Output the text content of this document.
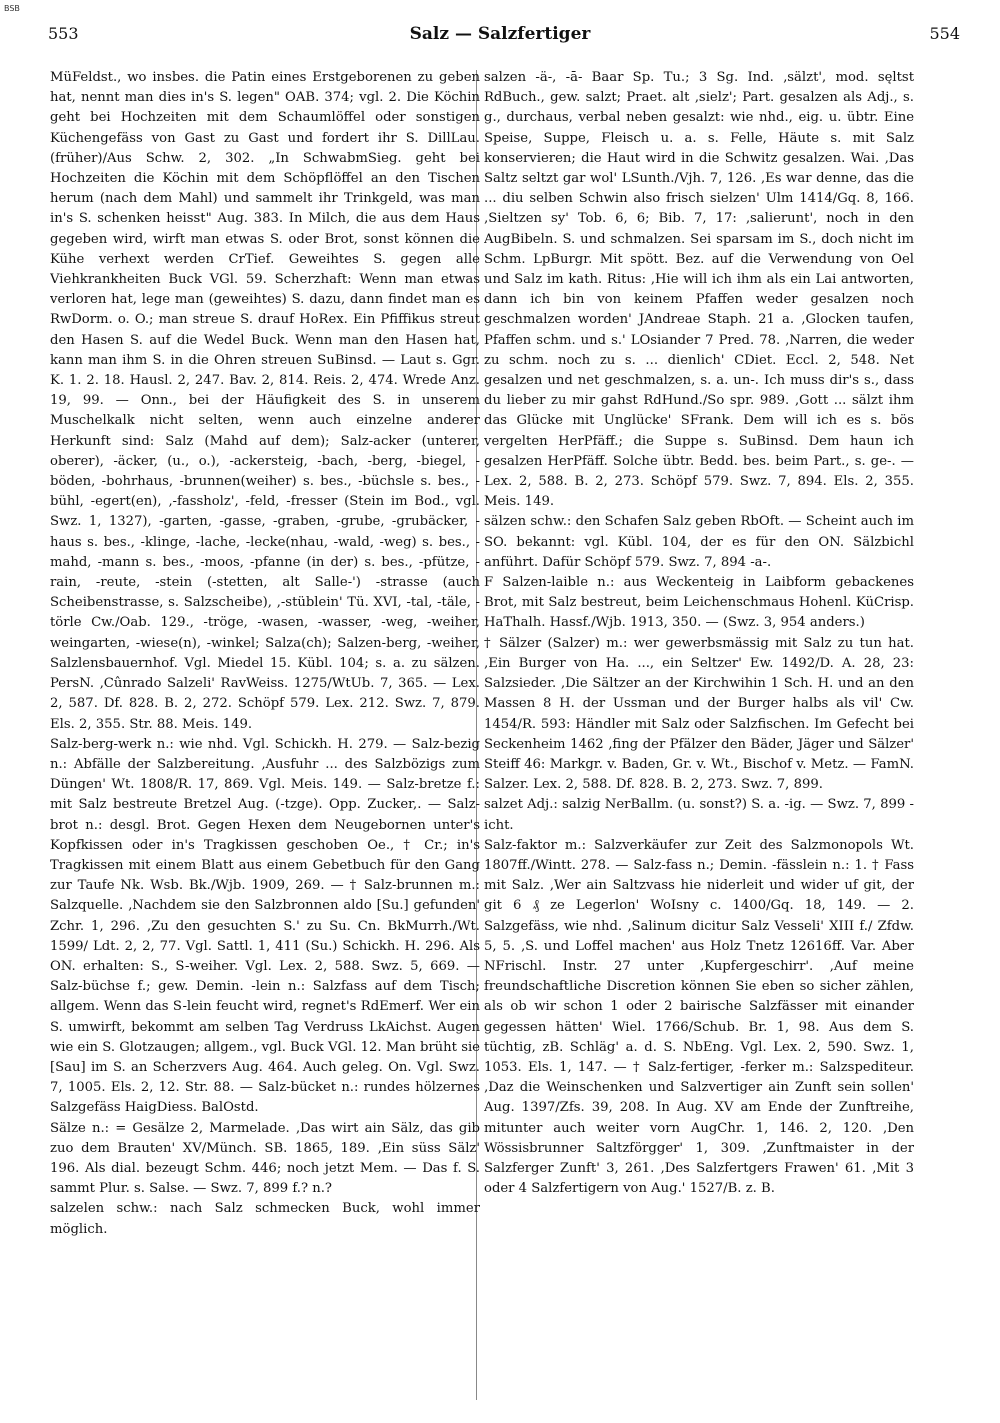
BSB
553	Salz — Salzfertiger	554

MüFeldst., wo insbes. die Patin eines Erstgeborenen zu geben hat, nennt man dies in's S. legen" OAB. 374; vgl. 2. Die Köchin geht bei Hochzeiten mit dem Schaumlöffel oder sonstigen Küchengefäss von Gast zu Gast und fordert ihr S. DillLau. (früher)/Aus Schw. 2, 302. „In SchwabmSieg. geht bei Hochzeiten die Köchin mit dem Schöpflöffel an den Tischen herum (nach dem Mahl) und sammelt ihr Trinkgeld, was man in's S. schenken heisst" Aug. 383. In Milch, die aus dem Haus gegeben wird, wirft man etwas S. oder Brot, sonst können die Kühe verhext werden CrTief. Geweihtes S. gegen alle Viehkrankheiten Buck VGl. 59. Scherzhaft: Wenn man etwas verloren hat, lege man (geweihtes) S. dazu, dann findet man es RwDorm. o. O.; man streue S. drauf HoRex. Ein Pfiffikus streut den Hasen S. auf die Wedel Buck. Wenn man den Hasen hat, kann man ihm S. in die Ohren streuen SuBinsd. — Laut s. Ggr. K. 1. 2. 18. Hausl. 2, 247. Bav. 2, 814. Reis. 2, 474. Wrede Anz. 19, 99. — Onn., bei der Häufigkeit des S. in unserem Muschelkalk nicht selten, wenn auch einzelne anderer Herkunft sind: Salz (Mahd auf dem); Salz-acker (unterer, oberer), -äcker, (u., o.), -ackersteig, -bach, -berg, -biegel, -böden, -bohrhaus, -brunnen(weiher) s. bes., -büchsle s. bes., -bühl, -egert(en), ‚-fassholz', -feld, -fresser (Stein im Bod., vgl. Swz. 1, 1327), -garten, -gasse, -graben, -grube, -grubäcker, -haus s. bes., -klinge, -lache, -lecke(nhau, -wald, -weg) s. bes., -mahd, -mann s. bes., -moos, -pfanne (in der) s. bes., -pfütze, -rain, -reute, -stein (-stetten, alt Salle-') -strasse (auch Scheibenstrasse, s. Salzscheibe), ‚-stüblein' Tü. XVI, -tal, -täle, -törle Cw./Oab. 129., -tröge, -wasen, -wasser, -weg, -weiher, weingarten, -wiese(n), -winkel; Salza(ch); Salzen-berg, -weiher, Salzlensbauernhof. Vgl. Miedel 15. Kübl. 104; s. a. zu sälzen. PersN. ‚Cûnrado Salzeli' RavWeiss. 1275/WtUb. 7, 365. — Lex. 2, 587. Df. 828. B. 2, 272. Schöpf 579. Lex. 212. Swz. 7, 879. Els. 2, 355. Str. 88. Meis. 149.

Salz-berg-werk n.: wie nhd. Vgl. Schickh. H. 279. — Salz-bezig n.: Abfälle der Salzbereitung. ‚Ausfuhr ... des Salzbözigs zum Düngen' Wt. 1808/R. 17, 869. Vgl. Meis. 149. — Salz-bretze f.: mit Salz bestreute Bretzel Aug. (-tzge). Opp. Zucker,. — Salz-brot n.: desgl. Brot. Gegen Hexen dem Neugebornen unter's Kopfkissen oder in's Tragkissen geschoben Oe., † Cr.; in's Tragkissen mit einem Blatt aus einem Gebetbuch für den Gang zur Taufe Nk. Wsb. Bk./Wjb. 1909, 269. — † Salz-brunnen m.: Salzquelle. ‚Nachdem sie den Salzbronnen aldo [Su.] gefunden' Zchr. 1, 296. ‚Zu den gesuchten S.' zu Su. Cn. BkMurrh./Wt. 1599/ Ldt. 2, 2, 77. Vgl. Sattl. 1, 411 (Su.) Schickh. H. 296. Als ON. erhalten: S., S-weiher. Vgl. Lex. 2, 588. Swz. 5, 669. — Salz-büchse f.; gew. Demin. -lein n.: Salzfass auf dem Tisch; allgem. Wenn das S-lein feucht wird, regnet's RdEmerf. Wer ein S. umwirft, bekommt am selben Tag Verdruss LkAichst. Augen wie ein S. Glotzaugen; allgem., vgl. Buck VGl. 12. Man brüht sie [Sau] im S. an Scherzvers Aug. 464. Auch geleg. On. Vgl. Swz. 7, 1005. Els. 2, 12. Str. 88. — Salz-bücket n.: rundes hölzernes Salzgefäss HaigDiess. BalOstd.

Sälze n.: = Gesälze 2, Marmelade. ‚Das wirt ain Sälz, das gib zuo dem Brauten' XV/Münch. SB. 1865, 189. ‚Ein süss Sälz' 196. Als dial. bezeugt Schm. 446; noch jetzt Mem. — Das f. S. sammt Plur. s. Salse. — Swz. 7, 899 f.? n.?

salzelen schw.: nach Salz schmecken Buck, wohl immer möglich.

salzen -ä-, -ā- Baar Sp. Tu.; 3 Sg. Ind. ‚sälzt', mod. sęltst RdBuch., gew. salzt; Praet. alt ‚sielz'; Part. gesalzen als Adj., s. g., durchaus, verbal neben gesalzt: wie nhd., eig. u. übtr. Eine Speise, Suppe, Fleisch u. a. s. Felle, Häute s. mit Salz konservieren; die Haut wird in die Schwitz gesalzen. Wai. ‚Das Saltz seltzt gar wol' LSunth./Vjh. 7, 126. ‚Es war denne, das die ... diu selben Schwin also frisch sielzen' Ulm 1414/Gq. 8, 166. ‚Sieltzen sy' Tob. 6, 6; Bib. 7, 17: ‚salierunt', noch in den AugBibeln. S. und schmalzen. Sei sparsam im S., doch nicht im Schm. LpBurgr. Mit spött. Bez. auf die Verwendung von Oel und Salz im kath. Ritus: ‚Hie will ich ihm als ein Lai antworten, dann ich bin von keinem Pfaffen weder gesalzen noch geschmalzen worden' JAndreae Staph. 21 a. ‚Glocken taufen, Pfaffen schm. und s.' LOsiander 7 Pred. 78. ‚Narren, die weder zu schm. noch zu s. ... dienlich' CDiet. Eccl. 2, 548. Net gesalzen und net geschmalzen, s. a. un-. Ich muss dir's s., dass du lieber zu mir gahst RdHund./So spr. 989. ‚Gott ... sälzt ihm das Glücke mit Unglücke' SFrank. Dem will ich es s. bös vergelten HerPfäff.; die Suppe s. SuBinsd. Dem haun ich gesalzen HerPfäff. Solche übtr. Bedd. bes. beim Part., s. ge-. — Lex. 2, 588. B. 2, 273. Schöpf 579. Swz. 7, 894. Els. 2, 355. Meis. 149.

sälzen schw.: den Schafen Salz geben RbOft. — Scheint auch im SO. bekannt: vgl. Kübl. 104, der es für den ON. Sälzbichl anführt. Dafür Schöpf 579. Swz. 7, 894 -a-.

F Salzen-laible n.: aus Weckenteig in Laibform gebackenes Brot, mit Salz bestreut, beim Leichenschmaus Hohenl. KüCrisp. HaThalh. Hassf./Wjb. 1913, 350. — (Swz. 3, 954 anders.)

† Sälzer (Salzer) m.: wer gewerbsmässig mit Salz zu tun hat. ‚Ein Burger von Ha. ..., ein Seltzer' Ew. 1492/D. A. 28, 23: Salzsieder. ‚Die Sältzer an der Kirchwihin 1 Sch. H. und an den Massen 8 H. der Ussman und der Burger halbs als vil' Cw. 1454/R. 593: Händler mit Salz oder Salzfischen. Im Gefecht bei Seckenheim 1462 ‚fing der Pfälzer den Bäder, Jäger und Sälzer' Steiff 46: Markgr. v. Baden, Gr. v. Wt., Bischof v. Metz. — FamN. Salzer. Lex. 2, 588. Df. 828. B. 2, 273. Swz. 7, 899.

salzet Adj.: salzig NerBallm. (u. sonst?) S. a. -ig. — Swz. 7, 899 -icht.

Salz-faktor m.: Salzverkäufer zur Zeit des Salzmonopols Wt. 1807ff./Wintt. 278. — Salz-fass n.; Demin. -fässlein n.: 1. † Fass mit Salz. ‚Wer ain Saltzvass hie niderleit und wider uf git, der git 6 ₰ ze Legerlon' WoIsny c. 1400/Gq. 18, 149. — 2. Salzgefäss, wie nhd. ‚Salinum dicitur Salz Vesseli' XIII f./ Zfdw. 5, 5. ‚S. und Loffel machen' aus Holz Tnetz 12616ff. Var. Aber NFrischl. Instr. 27 unter ‚Kupfergeschirr'. ‚Auf meine freundschaftliche Discretion können Sie eben so sicher zählen, als ob wir schon 1 oder 2 bairische Salzfässer mit einander gegessen hätten' Wiel. 1766/Schub. Br. 1, 98. Aus dem S. tüchtig, zB. Schläg' a. d. S. NbEng. Vgl. Lex. 2, 590. Swz. 1, 1053. Els. 1, 147. — † Salz-fertiger, -ferker m.: Salzspediteur. ‚Daz die Weinschenken und Salzvertiger ain Zunft sein sollen' Aug. 1397/Zfs. 39, 208. In Aug. XV am Ende der Zunftreihe, mitunter auch weiter vorn AugChr. 1, 146. 2, 120. ‚Den Wössisbrunner Saltzförgger' 1, 309. ‚Zunftmaister in der Salzferger Zunft' 3, 261. ‚Des Salzfertgers Frawen' 61. ‚Mit 3 oder 4 Salzfertigern von Aug.' 1527/B. z. B.
